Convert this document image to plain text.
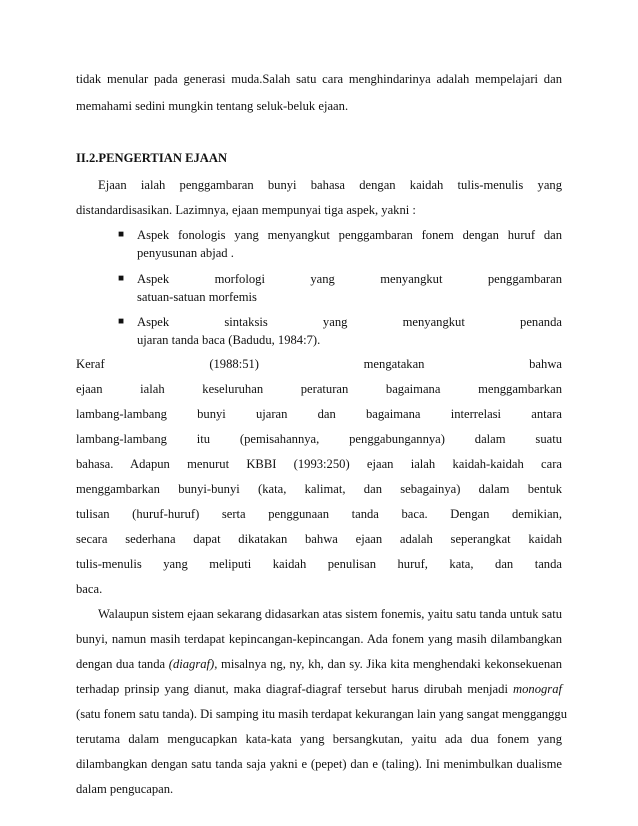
tidak menular pada generasi muda.Salah satu cara menghindarinya adalah mempelajari dan

memahami sedini mungkin tentang seluk-beluk ejaan.

II.2.PENGERTIAN EJAAN

Ejaan ialah penggambaran bunyi bahasa dengan kaidah tulis-menulis yang

distandardisasikan. Lazimnya, ejaan mempunyai tiga aspek, yakni :

■ Aspek fonologis yang menyangkut penggambaran fonem dengan huruf dan

penyusunan abjad .

■ Aspek morfologi yang menyangkut penggambaran

satuan-satuan morfemis

■ Aspek sintaksis yang menyangkut penanda

ujaran tanda baca (Badudu, 1984:7).

Keraf (1988:51) mengatakan bahwa

ejaan ialah keseluruhan peraturan bagaimana menggambarkan

lambang-lambang bunyi ujaran dan bagaimana interrelasi antara

lambang-lambang itu (pemisahannya, penggabungannya) dalam suatu

bahasa. Adapun menurut KBBI (1993:250) ejaan ialah kaidah-kaidah cara

menggambarkan bunyi-bunyi (kata, kalimat, dan sebagainya) dalam bentuk

tulisan (huruf-huruf) serta penggunaan tanda baca. Dengan demikian,

secara sederhana dapat dikatakan bahwa ejaan adalah seperangkat kaidah

tulis-menulis yang meliputi kaidah penulisan huruf, kata, dan tanda

baca.

Walaupun sistem ejaan sekarang didasarkan atas sistem fonemis, yaitu satu tanda untuk satu

bunyi, namun masih terdapat kepincangan-kepincangan. Ada fonem yang masih dilambangkan

dengan dua tanda (diagraf), misalnya ng, ny, kh, dan sy. Jika kita menghendaki kekonsekuenan

terhadap prinsip yang dianut, maka diagraf-diagraf tersebut harus dirubah menjadi monograf

(satu fonem satu tanda). Di samping itu masih terdapat kekurangan lain yang sangat mengganggu

terutama dalam mengucapkan kata-kata yang bersangkutan, yaitu ada dua fonem yang

dilambangkan dengan satu tanda saja yakni e (pepet) dan e (taling). Ini menimbulkan dualisme

dalam pengucapan.
